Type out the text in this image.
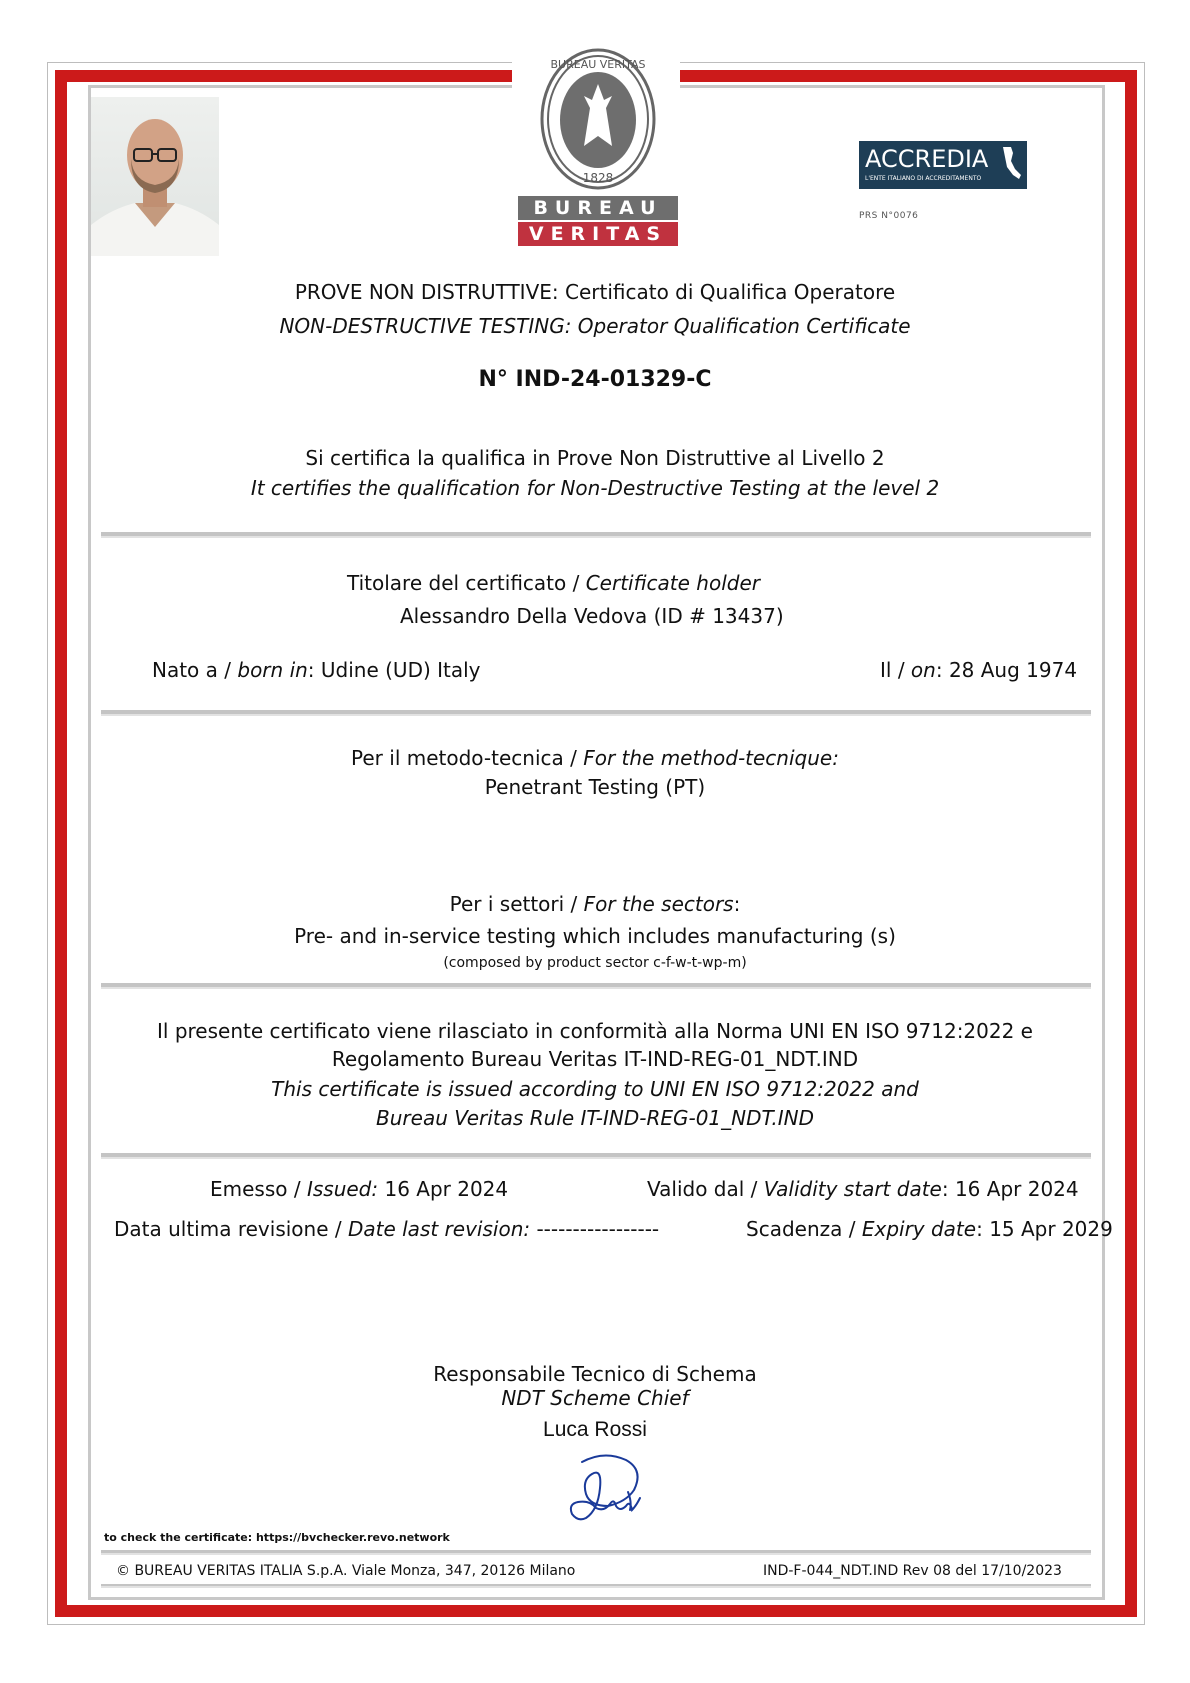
BUREAU VERITAS
1828
BUREAU
VERITAS
ACCREDIA
L'ENTE ITALIANO DI ACCREDITAMENTO
PRS N°0076
PROVE NON DISTRUTTIVE: Certificato di Qualifica Operatore
NON-DESTRUCTIVE TESTING: Operator Qualification Certificate
N° IND-24-01329-C
Si certifica la qualifica in Prove Non Distruttive al Livello 2
It certifies the qualification for Non-Destructive Testing at the level 2
Titolare del certificato / Certificate holder
Alessandro Della Vedova (ID # 13437)
Nato a / born in: Udine (UD) Italy	Il / on: 28 Aug 1974
Per il metodo-tecnica / For the method-tecnique:
Penetrant Testing (PT)
Per i settori / For the sectors:
Pre- and in-service testing which includes manufacturing (s)
(composed by product sector c-f-w-t-wp-m)
Il presente certificato viene rilasciato in conformità alla Norma UNI EN ISO 9712:2022 e
Regolamento Bureau Veritas IT-IND-REG-01_NDT.IND
This certificate is issued according to UNI EN ISO 9712:2022 and
Bureau Veritas Rule IT-IND-REG-01_NDT.IND
Emesso / Issued: 16 Apr 2024	Valido dal / Validity start date: 16 Apr 2024
Data ultima revisione / Date last revision: -----------------	Scadenza / Expiry date: 15 Apr 2029
Responsabile Tecnico di Schema
NDT Scheme Chief
Luca Rossi
to check the certificate: https://bvchecker.revo.network
© BUREAU VERITAS ITALIA S.p.A. Viale Monza, 347, 20126 Milano	IND-F-044_NDT.IND Rev 08 del 17/10/2023
